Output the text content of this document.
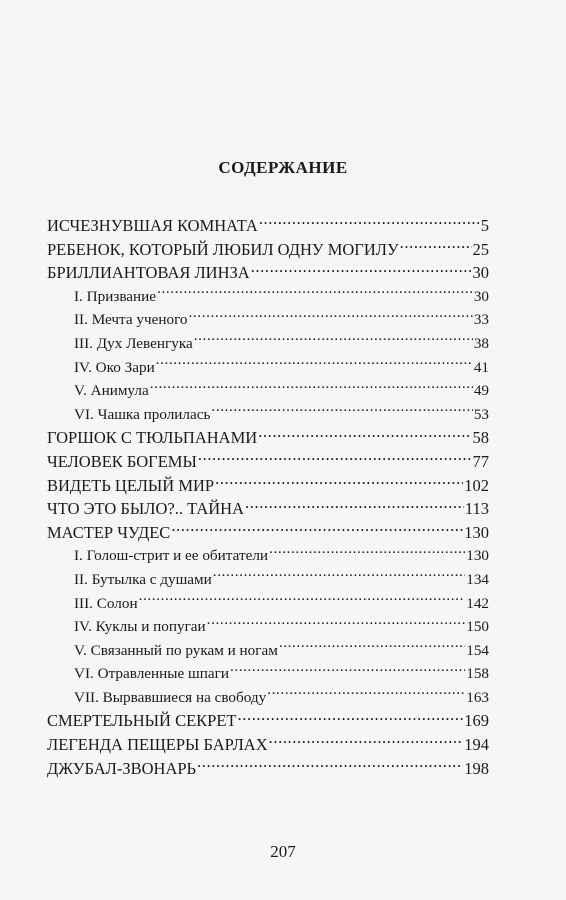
СОДЕРЖАНИЕ
ИСЧЕЗНУВШАЯ КОМНАТА .....	5
РЕБЕНОК, КОТОРЫЙ ЛЮБИЛ ОДНУ МОГИЛУ .....	25
БРИЛЛИАНТОВАЯ ЛИНЗА .....	30
I. Призвание .....	30
II. Мечта ученого .....	33
III. Дух Левенгука .....	38
IV. Око Зари .....	41
V. Анимула .....	49
VI. Чашка пролилась .....	53
ГОРШОК С ТЮЛЬПАНАМИ .....	58
ЧЕЛОВЕК БОГЕМЫ .....	77
ВИДЕТЬ ЦЕЛЫЙ МИР .....	102
ЧТО ЭТО БЫЛО?.. ТАЙНА .....	113
МАСТЕР ЧУДЕС .....	130
I. Голош-стрит и ее обитатели .....	130
II. Бутылка с душами .....	134
III. Солон .....	142
IV. Куклы и попугаи .....	150
V. Связанный по рукам и ногам .....	154
VI. Отравленные шпаги .....	158
VII. Вырвавшиеся на свободу .....	163
СМЕРТЕЛЬНЫЙ СЕКРЕТ .....	169
ЛЕГЕНДА ПЕЩЕРЫ БАРЛАХ .....	194
ДЖУБАЛ-ЗВОНАРЬ .....	198
207
